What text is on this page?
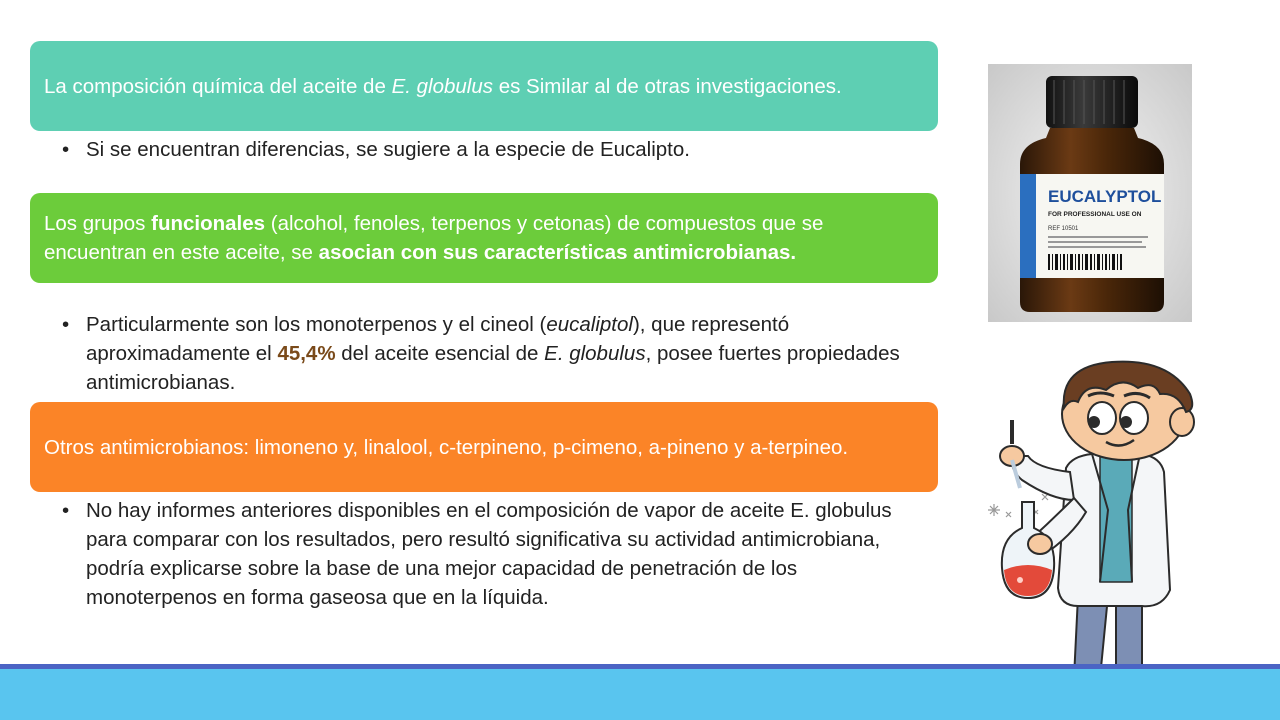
La composición química del aceite de E. globulus es Similar al de otras investigaciones.
• Si se encuentran diferencias, se sugiere a la especie de Eucalipto.
Los grupos funcionales (alcohol, fenoles, terpenos y cetonas) de compuestos que se encuentran en este aceite, se asocian con sus características antimicrobianas.
• Particularmente son los monoterpenos y el cineol (eucaliptol), que representó aproximadamente el 45,4% del aceite esencial de E. globulus, posee fuertes propiedades antimicrobianas.
Otros antimicrobianos: limoneno y, linalool, c-terpineno, p-cimeno, a-pineno y a-terpineo.
• No hay informes anteriores disponibles en el composición de vapor de aceite E. globulus para comparar con los resultados, pero resultó significativa su actividad antimicrobiana, podría explicarse sobre la base de una mejor capacidad de penetración de los monoterpenos en forma gaseosa que en la líquida.
EUCALYPTOL
FOR PROFESSIONAL USE ON
REF 10501
